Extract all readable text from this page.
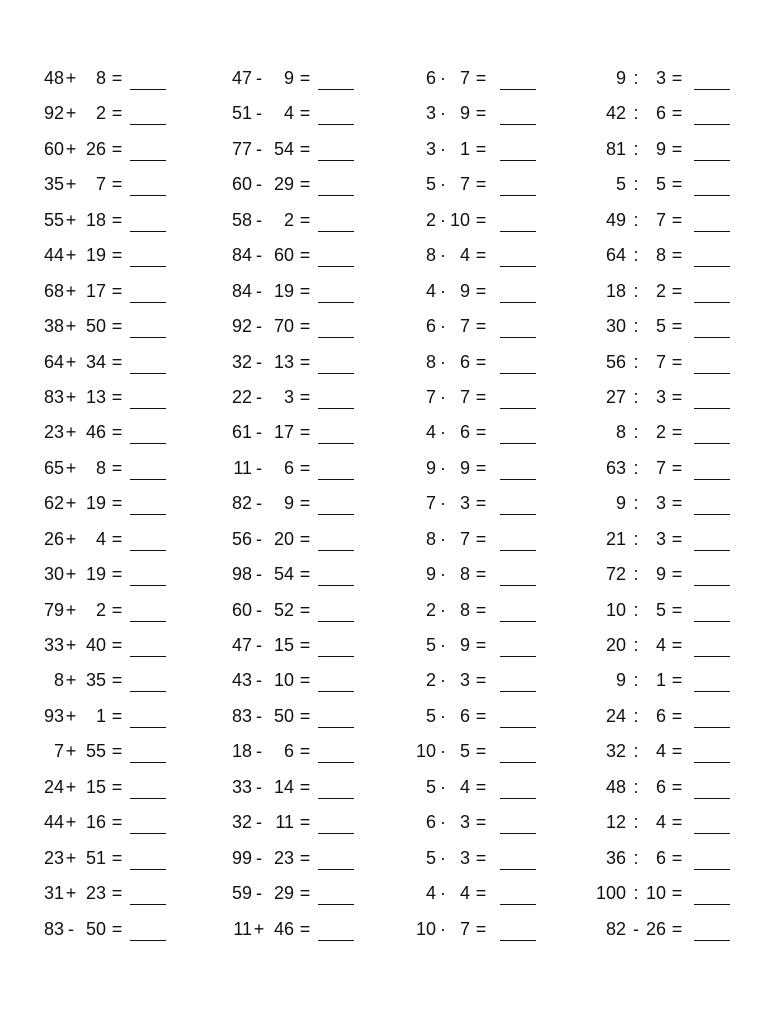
48 +	8 =
92 +	2 =
60 + 26 =
35 +	7 =
55 + 18 =
44 + 19 =
68 + 17 =
38 + 50 =
64 + 34 =
83 + 13 =
23 + 46 =
65 +	8 =
62 + 19 =
26 +	4 =
30 + 19 =
79 +	2 =
33 + 40 =
8 + 35 =
93 +	1 =
7 + 55 =
24 + 15 =
44 + 16 =
23 + 51 =
31 + 23 =
83 - 50 =
47 -	9 =
51 -	4 =
77 - 54 =
60 - 29 =
58 -	2 =
84 - 60 =
84 - 19 =
92 - 70 =
32 - 13 =
22 -	3 =
61 - 17 =
11 -	6 =
82 -	9 =
56 - 20 =
98 - 54 =
60 - 52 =
47 - 15 =
43 - 10 =
83 - 50 =
18 -	6 =
33 - 14 =
32 - 11 =
99 - 23 =
59 - 29 =
11 + 46 =
6 · 7 =
3 · 9 =
3 · 1 =
5 · 7 =
2 · 10 =
8 · 4 =
4 · 9 =
6 · 7 =
8 · 6 =
7 · 7 =
4 · 6 =
9 · 9 =
7 · 3 =
8 · 7 =
9 · 8 =
2 · 8 =
5 · 9 =
2 · 3 =
5 · 6 =
10 · 5 =
5 · 4 =
6 · 3 =
5 · 3 =
4 · 4 =
10 · 7 =
9 : 3 =
42 : 6 =
81 : 9 =
5 : 5 =
49 : 7 =
64 : 8 =
18 : 2 =
30 : 5 =
56 : 7 =
27 : 3 =
8 : 2 =
63 : 7 =
9 : 3 =
21 : 3 =
72 : 9 =
10 : 5 =
20 : 4 =
9 : 1 =
24 : 6 =
32 : 4 =
48 : 6 =
12 : 4 =
36 : 6 =
100 : 10 =
82 - 26 =
